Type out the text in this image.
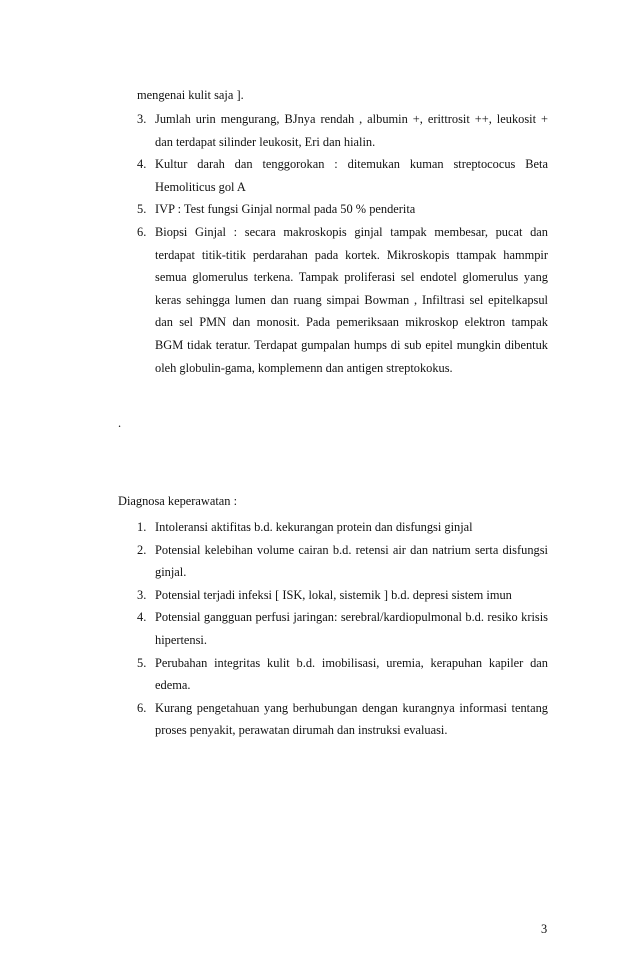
mengenai kulit saja ].
3. Jumlah urin mengurang, BJnya rendah , albumin +, erittrosit ++, leukosit + dan terdapat silinder leukosit, Eri dan hialin.
4. Kultur darah dan tenggorokan : ditemukan kuman streptococus Beta Hemoliticus gol A
5. IVP : Test fungsi Ginjal normal pada 50 % penderita
6. Biopsi Ginjal : secara makroskopis ginjal tampak membesar, pucat dan terdapat titik-titik perdarahan pada kortek. Mikroskopis ttampak hammpir semua glomerulus terkena. Tampak proliferasi sel endotel glomerulus yang keras sehingga lumen dan ruang simpai Bowman , Infiltrasi sel epitelkapsul dan sel PMN dan monosit. Pada pemeriksaan mikroskop elektron tampak BGM tidak teratur. Terdapat gumpalan humps di sub epitel mungkin dibentuk oleh globulin-gama, komplemenn dan antigen streptokokus.
.
Diagnosa keperawatan :
1. Intoleransi aktifitas b.d. kekurangan protein dan disfungsi ginjal
2. Potensial kelebihan volume cairan b.d. retensi air dan natrium serta disfungsi ginjal.
3. Potensial terjadi infeksi [ ISK, lokal, sistemik ] b.d. depresi sistem imun
4. Potensial gangguan perfusi jaringan: serebral/kardiopulmonal b.d. resiko krisis hipertensi.
5. Perubahan integritas kulit b.d. imobilisasi, uremia, kerapuhan kapiler dan edema.
6. Kurang pengetahuan yang berhubungan dengan kurangnya informasi tentang proses penyakit, perawatan dirumah dan instruksi evaluasi.
3
